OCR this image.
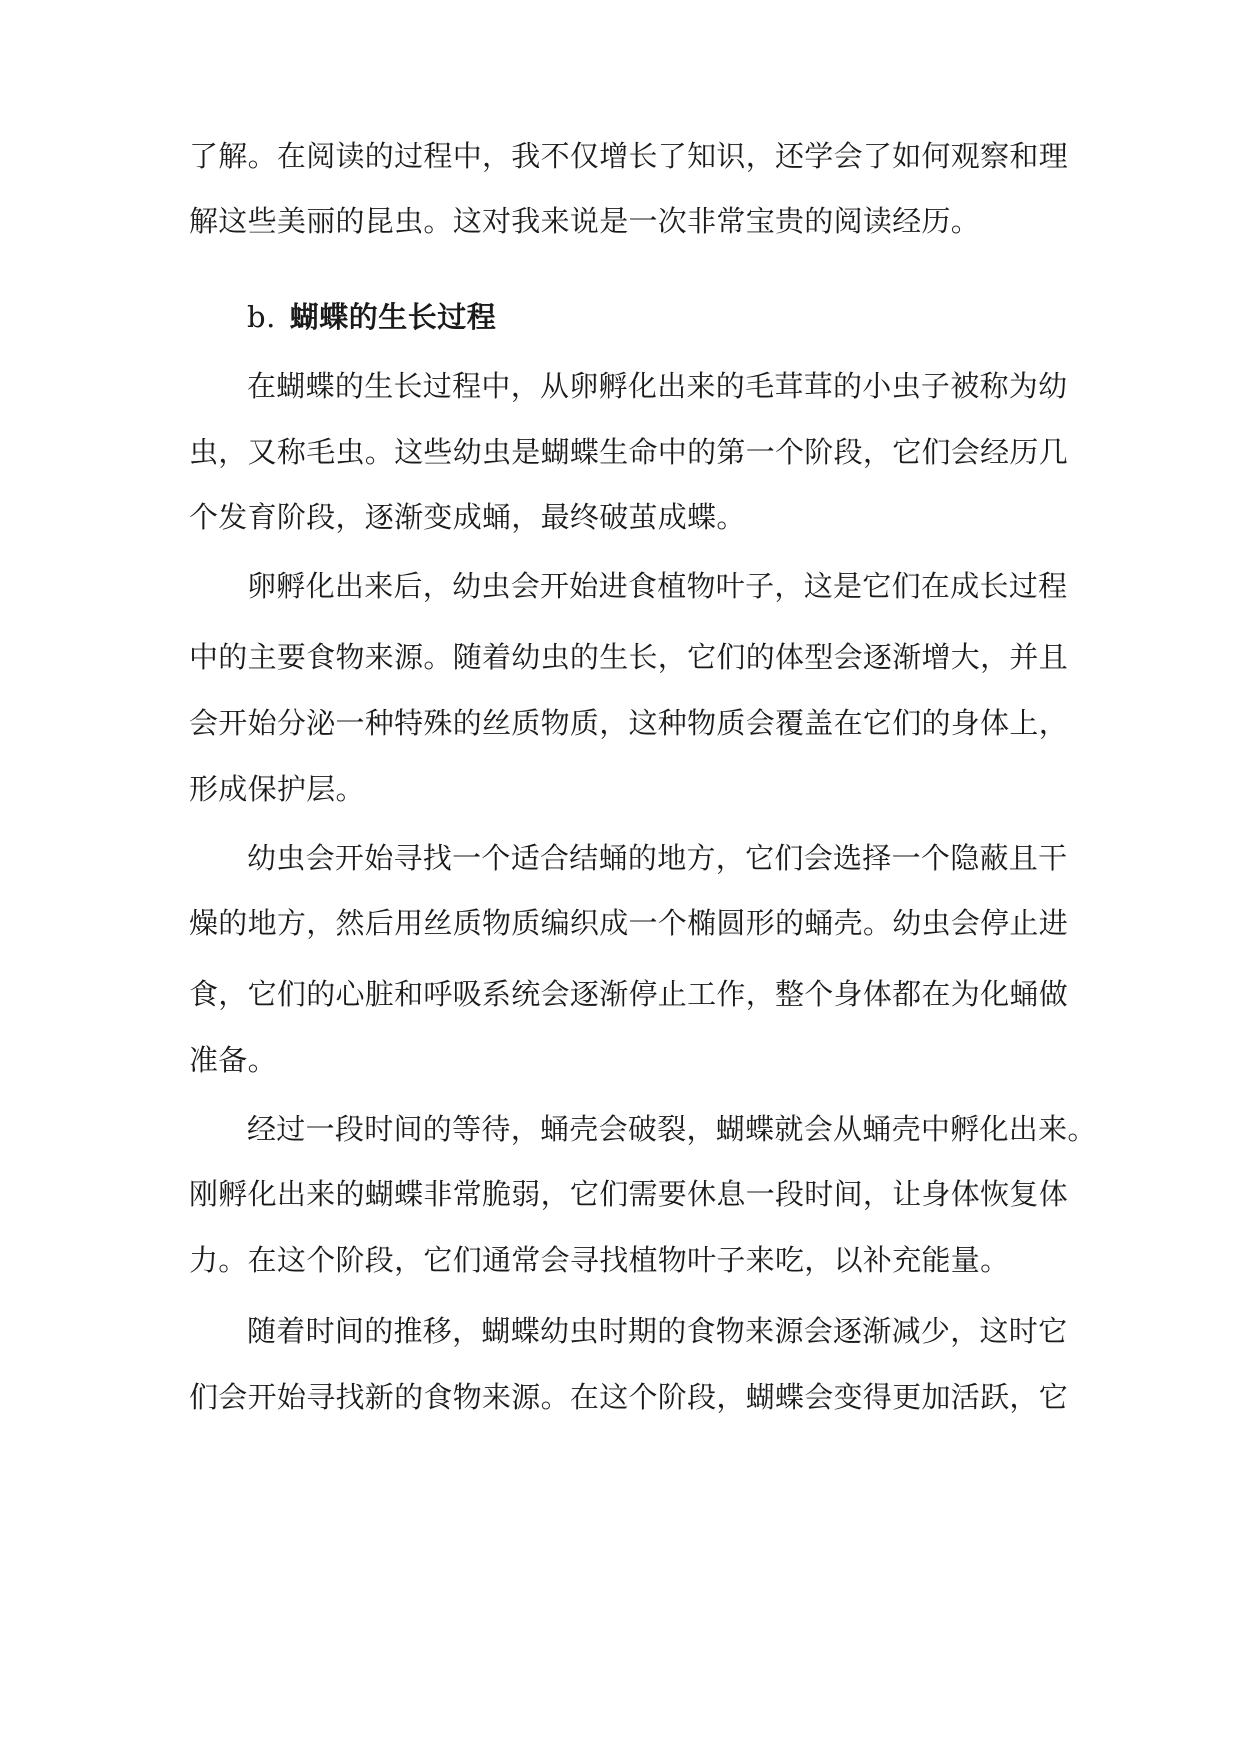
了解。在阅读的过程中，我不仅增长了知识，还学会了如何观察和理
解这些美丽的昆虫。这对我来说是一次非常宝贵的阅读经历。
b. 蝴蝶的生长过程
在蝴蝶的生长过程中，从卵孵化出来的毛茸茸的小虫子被称为幼
虫，又称毛虫。这些幼虫是蝴蝶生命中的第一个阶段，它们会经历几
个发育阶段，逐渐变成蛹，最终破茧成蝶。
卵孵化出来后，幼虫会开始进食植物叶子，这是它们在成长过程
中的主要食物来源。随着幼虫的生长，它们的体型会逐渐增大，并且
会开始分泌一种特殊的丝质物质，这种物质会覆盖在它们的身体上，
形成保护层。
幼虫会开始寻找一个适合结蛹的地方，它们会选择一个隐蔽且干
燥的地方，然后用丝质物质编织成一个椭圆形的蛹壳。幼虫会停止进
食，它们的心脏和呼吸系统会逐渐停止工作，整个身体都在为化蛹做
准备。
经过一段时间的等待，蛹壳会破裂，蝴蝶就会从蛹壳中孵化出来。
刚孵化出来的蝴蝶非常脆弱，它们需要休息一段时间，让身体恢复体
力。在这个阶段，它们通常会寻找植物叶子来吃，以补充能量。
随着时间的推移，蝴蝶幼虫时期的食物来源会逐渐减少，这时它
们会开始寻找新的食物来源。在这个阶段，蝴蝶会变得更加活跃，它
